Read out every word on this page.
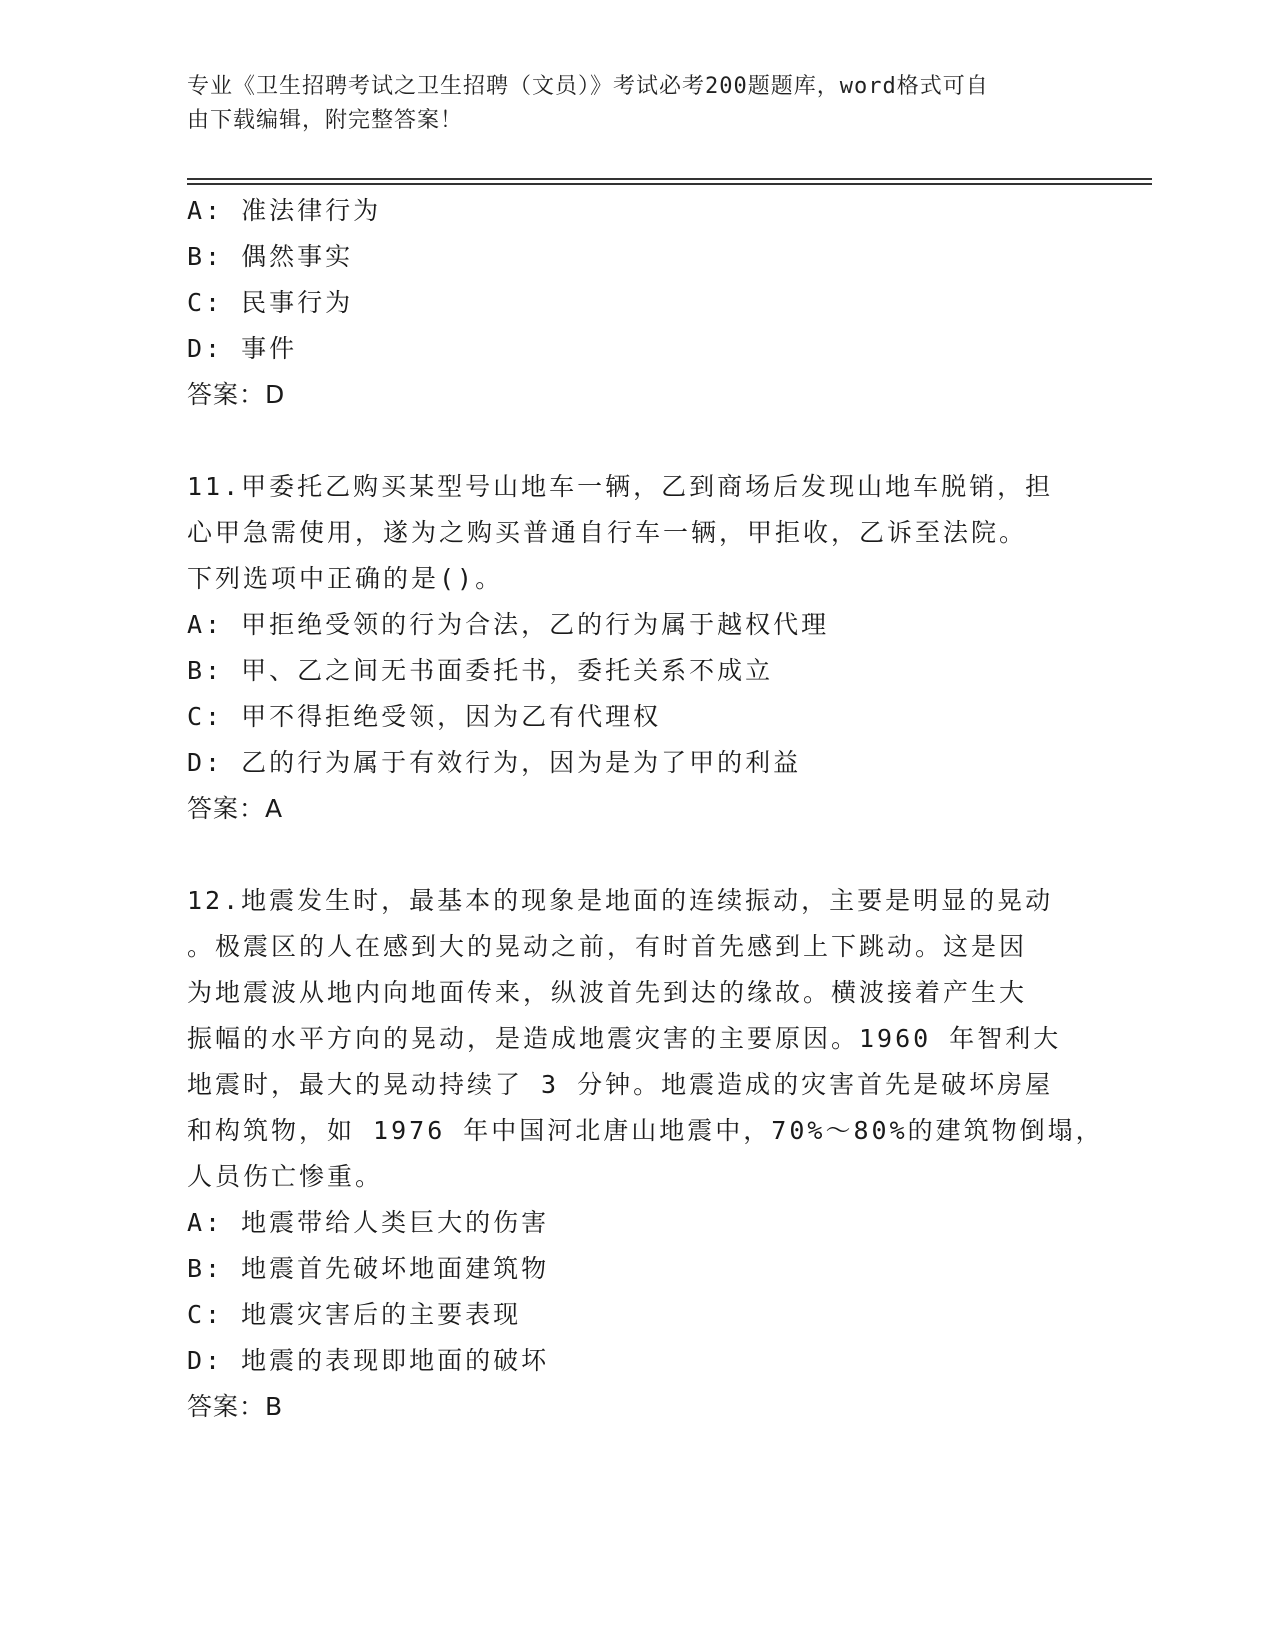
专业《卫生招聘考试之卫生招聘（文员）》考试必考200题题库，word格式可自
由下载编辑，附完整答案！
A: 准法律行为
B: 偶然事实
C: 民事行为
D: 事件
答案：D
11.甲委托乙购买某型号山地车一辆，乙到商场后发现山地车脱销，担
心甲急需使用，遂为之购买普通自行车一辆，甲拒收，乙诉至法院。
下列选项中正确的是()。
A: 甲拒绝受领的行为合法，乙的行为属于越权代理
B: 甲、乙之间无书面委托书，委托关系不成立
C: 甲不得拒绝受领，因为乙有代理权
D: 乙的行为属于有效行为，因为是为了甲的利益
答案：A
12.地震发生时，最基本的现象是地面的连续振动，主要是明显的晃动
。极震区的人在感到大的晃动之前，有时首先感到上下跳动。这是因
为地震波从地内向地面传来，纵波首先到达的缘故。横波接着产生大
振幅的水平方向的晃动，是造成地震灾害的主要原因。1960 年智利大
地震时，最大的晃动持续了 3 分钟。地震造成的灾害首先是破坏房屋
和构筑物，如 1976 年中国河北唐山地震中，70%～80%的建筑物倒塌，
人员伤亡惨重。
A: 地震带给人类巨大的伤害
B: 地震首先破坏地面建筑物
C: 地震灾害后的主要表现
D: 地震的表现即地面的破坏
答案：B
